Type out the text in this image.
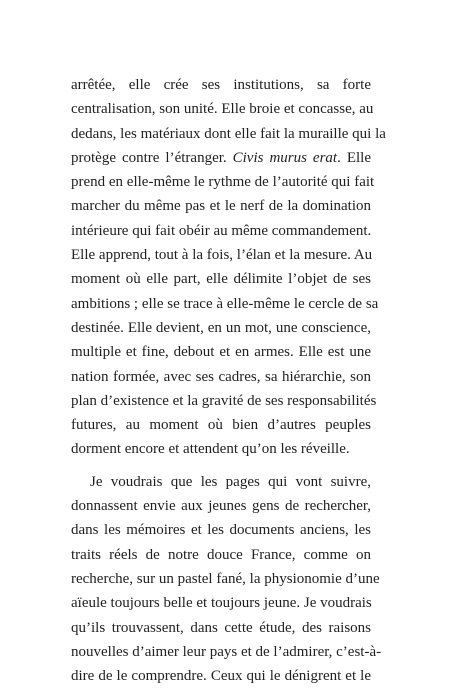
arrêtée, elle crée ses institutions, sa forte
centralisation, son unité. Elle broie et concasse, au
dedans, les matériaux dont elle fait la muraille qui la
protège contre l’étranger. Civis murus erat. Elle
prend en elle-même le rythme de l’autorité qui fait
marcher du même pas et le nerf de la domination
intérieure qui fait obéir au même commandement.
Elle apprend, tout à la fois, l’élan et la mesure. Au
moment où elle part, elle délimite l’objet de ses
ambitions ; elle se trace à elle-même le cercle de sa
destinée. Elle devient, en un mot, une conscience,
multiple et fine, debout et en armes. Elle est une
nation formée, avec ses cadres, sa hiérarchie, son
plan d’existence et la gravité de ses responsabilités
futures, au moment où bien d’autres peuples
dorment encore et attendent qu’on les réveille.
Je voudrais que les pages qui vont suivre,
donnassent envie aux jeunes gens de rechercher,
dans les mémoires et les documents anciens, les
traits réels de notre douce France, comme on
recherche, sur un pastel fané, la physionomie d’une
aïeule toujours belle et toujours jeune. Je voudrais
qu’ils trouvassent, dans cette étude, des raisons
nouvelles d’aimer leur pays et de l’admirer, c’est-à-
dire de le comprendre. Ceux qui le dénigrent et le
